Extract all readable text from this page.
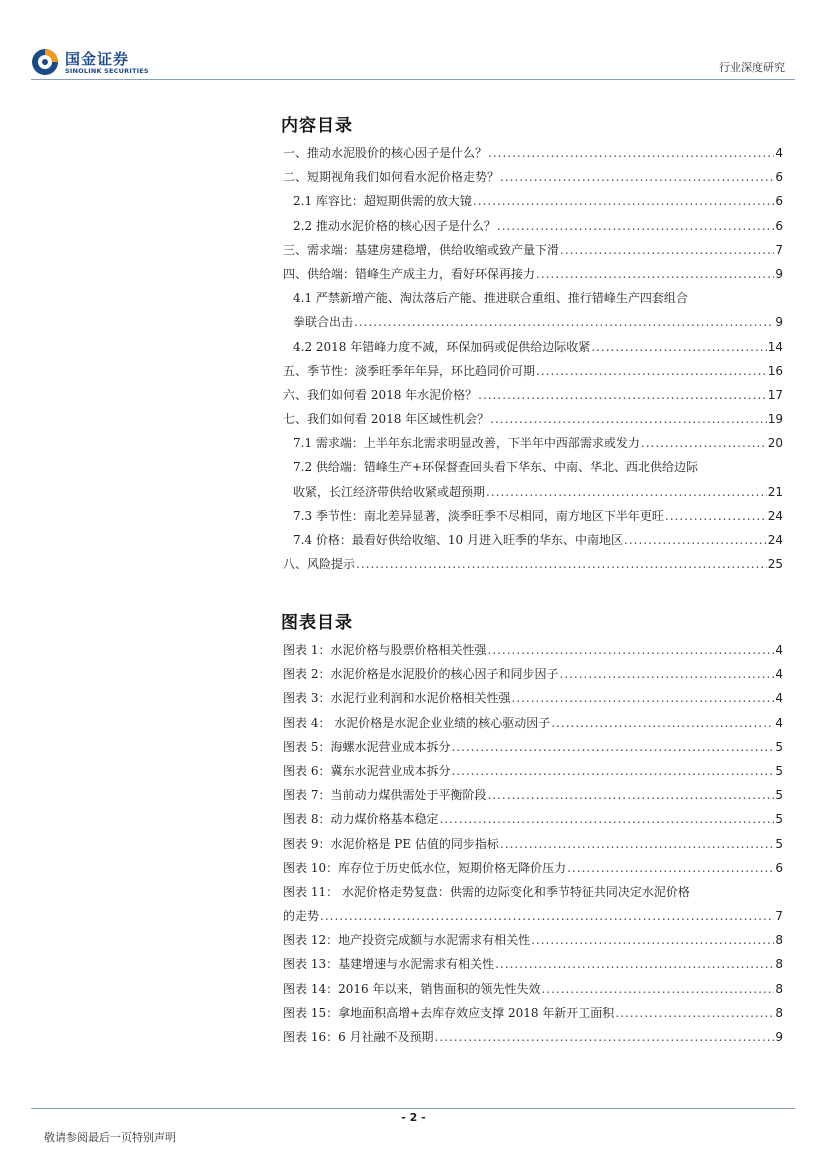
国金证券
SINOLINK SECURITIES	行业深度研究
内容目录
一、推动水泥股价的核心因子是什么？ .....	4
二、短期视角我们如何看水泥价格走势？ .....	6
2.1 库容比：超短期供需的放大镜 .....	6
2.2 推动水泥价格的核心因子是什么？ .....	6
三、需求端：基建房建稳增，供给收缩或致产量下滑 .....	7
四、供给端：错峰生产成主力，看好环保再接力 .....	9
4.1 严禁新增产能、淘汰落后产能、推进联合重组、推行错峰生产四套组合
拳联合出击 .....	9
4.2 2018 年错峰力度不减，环保加码或促供给边际收紧 .....	14
五、季节性：淡季旺季年年异，环比趋同价可期 .....	16
六、我们如何看 2018 年水泥价格？ .....	17
七、我们如何看 2018 年区域性机会？ .....	19
7.1 需求端：上半年东北需求明显改善，下半年中西部需求或发力 .....	20
7.2 供给端：错峰生产+环保督查回头看下华东、中南、华北、西北供给边际
收紧，长江经济带供给收紧或超预期 .....	21
7.3 季节性：南北差异显著，淡季旺季不尽相同，南方地区下半年更旺 .....	24
7.4 价格：最看好供给收缩、10 月进入旺季的华东、中南地区 .....	24
八、风险提示 .....	25
图表目录
图表 1：水泥价格与股票价格相关性强 .....	4
图表 2：水泥价格是水泥股价的核心因子和同步因子 .....	4
图表 3：水泥行业利润和水泥价格相关性强 .....	4
图表 4： 水泥价格是水泥企业业绩的核心驱动因子 .....	4
图表 5：海螺水泥营业成本拆分 .....	5
图表 6：冀东水泥营业成本拆分 .....	5
图表 7：当前动力煤供需处于平衡阶段 .....	5
图表 8：动力煤价格基本稳定 .....	5
图表 9：水泥价格是 PE 估值的同步指标 .....	5
图表 10：库存位于历史低水位，短期价格无降价压力 .....	6
图表 11： 水泥价格走势复盘：供需的边际变化和季节特征共同决定水泥价格
的走势 .....	7
图表 12：地产投资完成额与水泥需求有相关性 .....	8
图表 13：基建增速与水泥需求有相关性 .....	8
图表 14：2016 年以来，销售面积的领先性失效 .....	8
图表 15：拿地面积高增+去库存效应支撑 2018 年新开工面积 .....	8
图表 16：6 月社融不及预期 .....	9
- 2 -
敬请参阅最后一页特别声明
